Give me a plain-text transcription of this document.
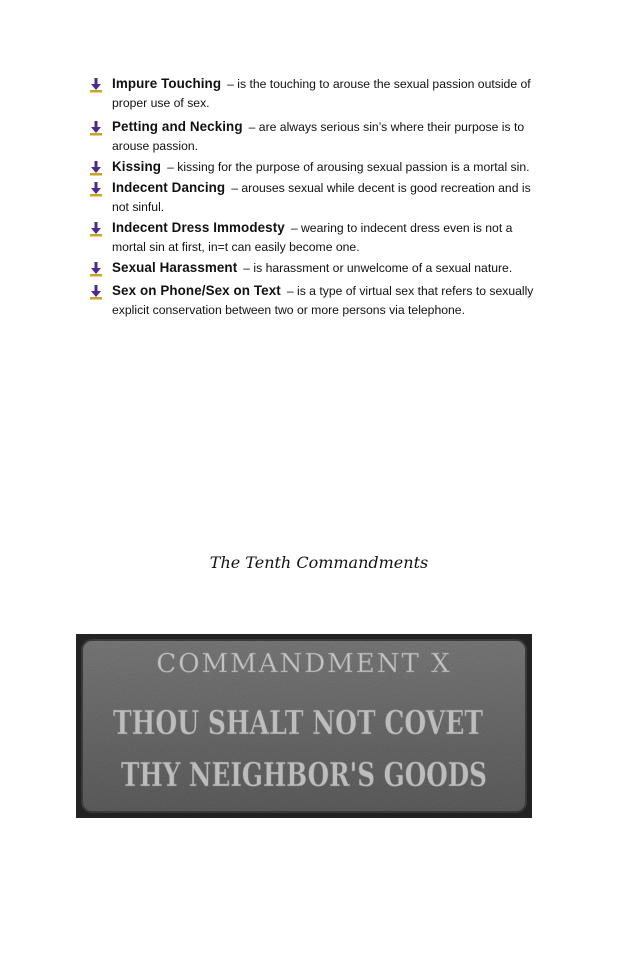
Impure Touching – is the touching to arouse the sexual passion outside of
proper use of sex.
Petting and Necking – are always serious sin’s where their purpose is to
arouse passion.
Kissing – kissing for the purpose of arousing sexual passion is a mortal sin.
Indecent Dancing – arouses sexual while decent is good recreation and is
not sinful.
Indecent Dress Immodesty – wearing to indecent dress even is not a
mortal sin at first, in=t can easily become one.
Sexual Harassment – is harassment or unwelcome of a sexual nature.
Sex on Phone/Sex on Text – is a type of virtual sex that refers to sexually
explicit conservation between two or more persons via telephone.
The Tenth Commandments
COMMANDMENT X
THOU SHALT NOT COVET
THY NEIGHBOR'S GOODS
